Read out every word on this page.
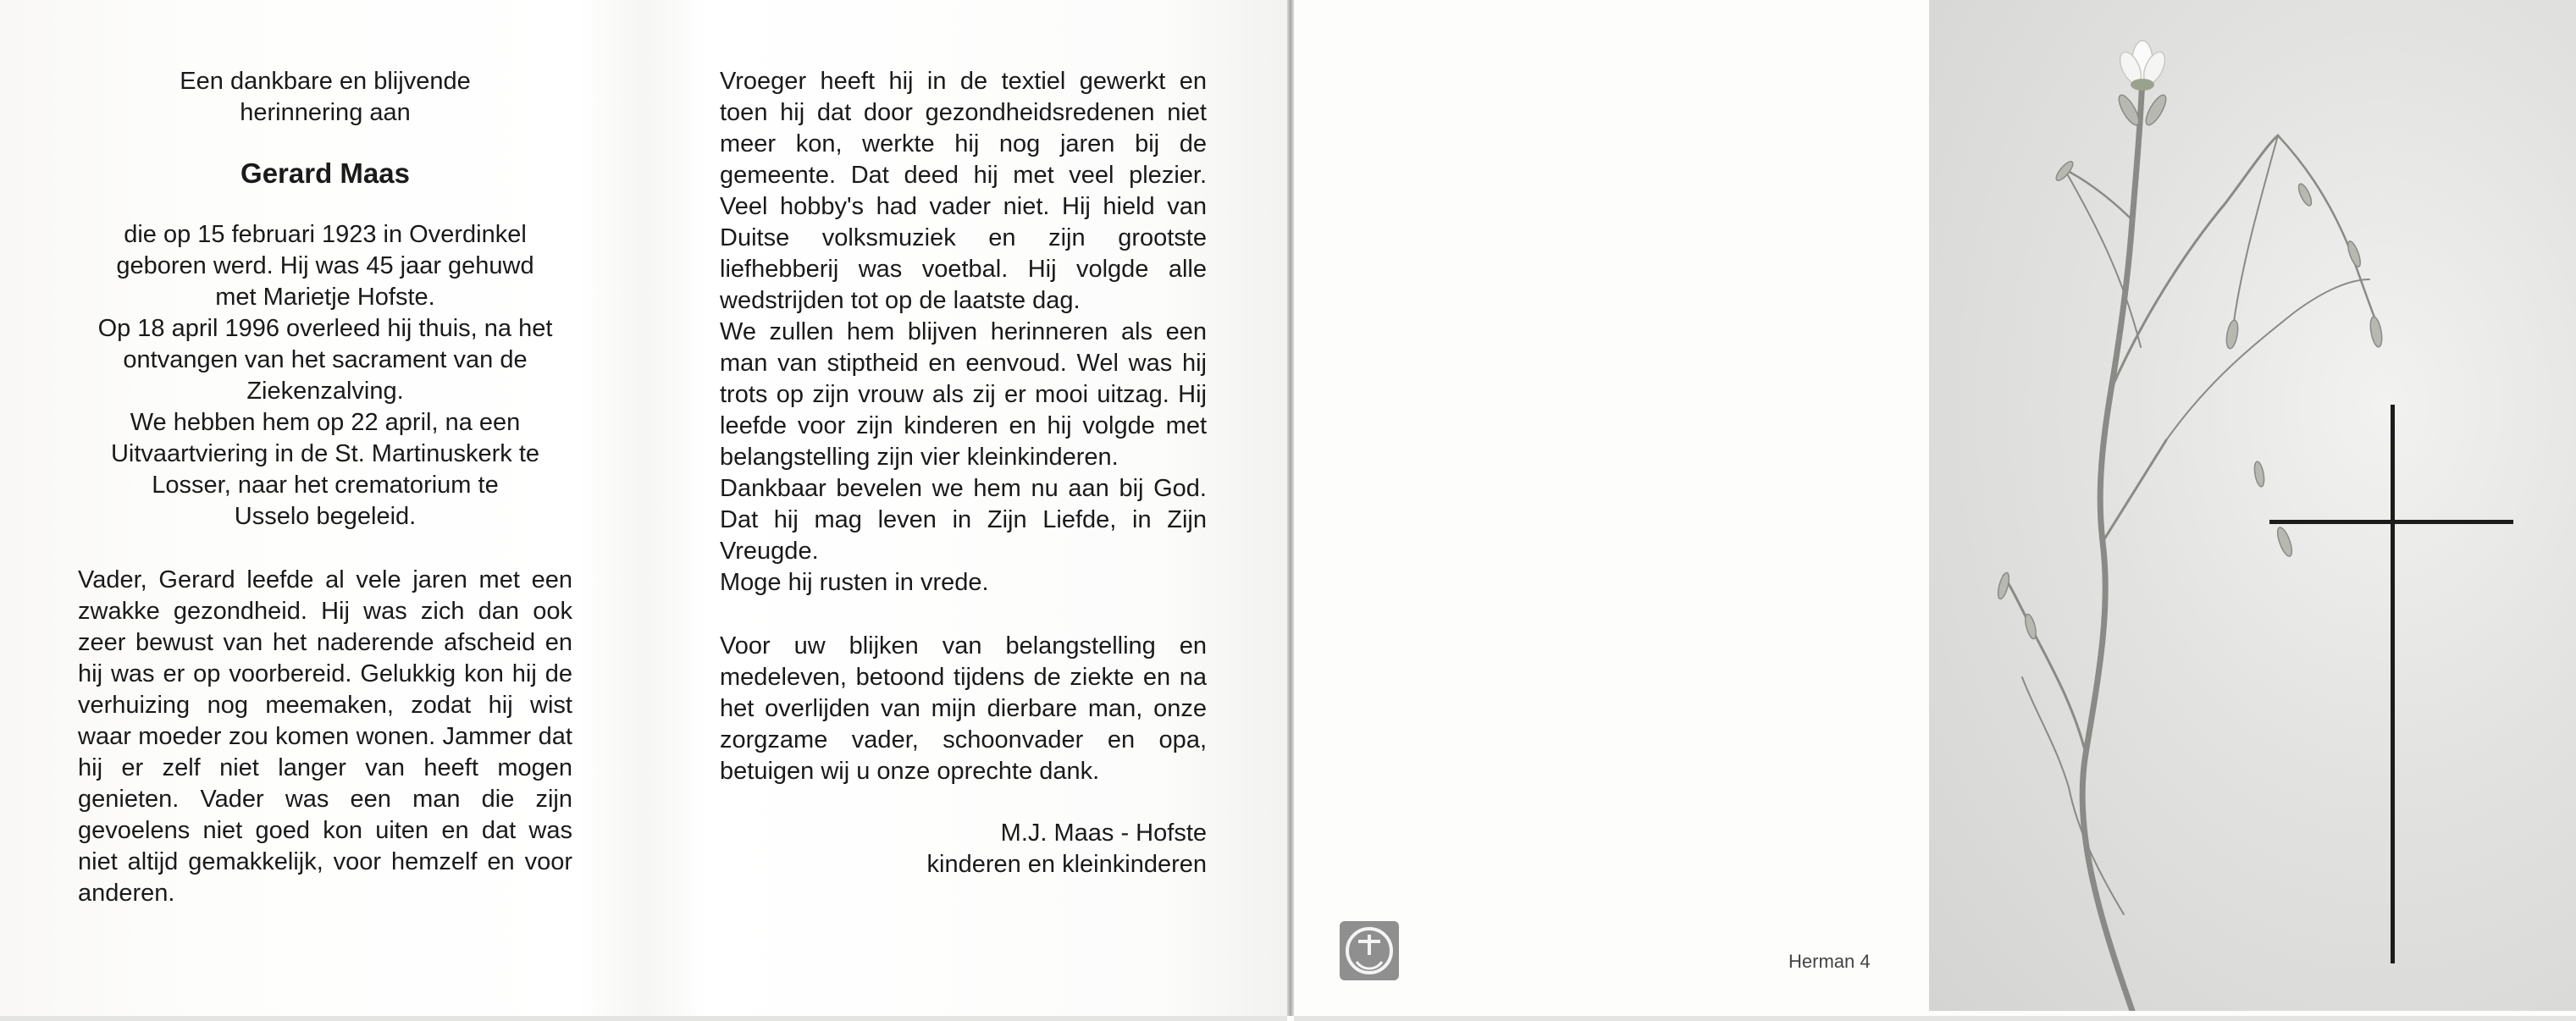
Een dankbare en blijvende
herinnering aan
Gerard Maas
die op 15 februari 1923 in Overdinkel
geboren werd. Hij was 45 jaar gehuwd
met Marietje Hofste.
Op 18 april 1996 overleed hij thuis, na het
ontvangen van het sacrament van de
Ziekenzalving.
We hebben hem op 22 april, na een
Uitvaartviering in de St. Martinuskerk te
Losser, naar het crematorium te
Usselo begeleid.

Vader, Gerard leefde al vele jaren met een zwakke gezondheid. Hij was zich dan ook zeer bewust van het naderende afscheid en hij was er op voorbereid. Gelukkig kon hij de verhuizing nog meemaken, zodat hij wist waar moeder zou komen wonen. Jammer dat hij er zelf niet langer van heeft mogen genieten. Vader was een man die zijn gevoelens niet goed kon uiten en dat was niet altijd gemakkelijk, voor hemzelf en voor anderen.

Vroeger heeft hij in de textiel gewerkt en toen hij dat door gezondheidsredenen niet meer kon, werkte hij nog jaren bij de gemeente. Dat deed hij met veel plezier. Veel hobby's had vader niet. Hij hield van Duitse volksmuziek en zijn grootste liefhebberij was voetbal. Hij volgde alle wedstrijden tot op de laatste dag.

We zullen hem blijven herinneren als een man van stiptheid en eenvoud. Wel was hij trots op zijn vrouw als zij er mooi uitzag. Hij leefde voor zijn kinderen en hij volgde met belangstelling zijn vier kleinkinderen.

Dankbaar bevelen we hem nu aan bij God. Dat hij mag leven in Zijn Liefde, in Zijn Vreugde.

Moge hij rusten in vrede.

Voor uw blijken van belangstelling en medeleven, betoond tijdens de ziekte en na het overlijden van mijn dierbare man, onze zorgzame vader, schoonvader en opa, betuigen wij u onze oprechte dank.

M.J. Maas - Hofste
kinderen en kleinkinderen
Herman 4
